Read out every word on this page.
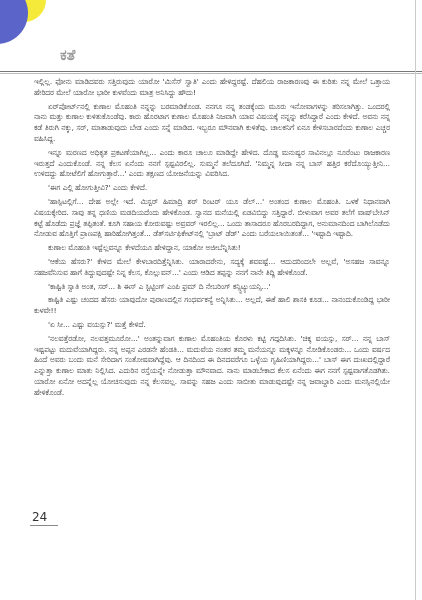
ಕತೆ

ಇಲ್ಲಿಲ್ಲ. ಫೋನು ಮಾಡಿದವರು ಸತ್ತಿರುವುದು ಯಾರೋ 'ಮಿಸೆಸ್ ಸ್ವಾತಿ' ಎಂದು ಹೇಳಿದ್ದರಷ್ಟೆ. ದೆಹಲಿಯ ರಾಜಕಾರಣವು ಈ ಕುರಿತು ನನ್ನ ಮೇಲೆ ಒತ್ತಾಯ ಹೇರಿದರ ಮೇಲೆ ಯಾರೋ ಭಾರೀ ಕುಳವೆಂದು ಮಾತ್ರ ಅನಿಸಿದ್ದು ಹೌದು!

ಏರ್‌ಪೋರ್ಟ್‌ನಲ್ಲಿ ಕುಣಾಲ ಮೊಹಂತಿ ನನ್ನನ್ನು ಬರಮಾಡಿಕೊಂಡ. ನನಗೂ ನನ್ನ ತಂಡಕ್ಕೆಂದು ಮೂರು ಇನೋವಾಗಳನ್ನು ತರಿಸಲಾಗಿತ್ತು. ಒಂದರಲ್ಲಿ ನಾನು ಮತ್ತು ಕುಣಾಲ ಕುಳಿತುಕೊಂಡೆವು. ಕಾರು ಹೊರಟಾಗ ಕುಣಾಲ ಮೊಹಂತಿ ನಿಜವಾಗಿ ಯಾವ ವಿಷಯಕ್ಕೆ ನನ್ನನ್ನು ಕರೆಸಿದ್ದಾರೆ ಎಂದು ಕೇಳಿದೆ. ಅವನು ನನ್ನ ಕಡೆ ತಿರುಗಿ ನಕ್ಕು, ಸರ್, ಮಾತಾಡುವುದು ಬೇಡ ಎಂದು ಸನ್ನೆ ಮಾಡಿದ. ಇಬ್ಬರೂ ಮೌನವಾಗಿ ಕುಳಿತೆವು. ಚಾಲಕನಿಗೆ ಏನೂ ಕೇಳಿಸಬಾರದೆಂದು ಕುಣಾಲ ಎಚ್ಚರ ವಹಿಸಿದ್ದ.

ಇನ್ನೂ ಮರಣದ ಅಧಿಕೃತ ಪ್ರಕಟಣೆಯಾಗಿಲ್ಲ... ಎಂದು ಕಾರೂ ಚಾಲೂ ಮಾಡಿದ್ದೇ ಹೇಳಿದ. ದೊಡ್ಡ ಮನುಷ್ಯರ ಸಾವಿನಲ್ಲೂ ನೂರೆಂಟು ರಾಜಕಾರಣ ಇರುತ್ತದೆ ಎಂದುಕೊಂಡೆ. ನನ್ನ ಕೆಲಸ ಏನೆಂದು ನನಗೆ ಸ್ಪಷ್ಟವಿರಲಿಲ್ಲ. ಸುಮ್ಮನೆ ತಲೆದೂಗಿದೆ. 'ನಿಮ್ಮನ್ನ ಸೀದಾ ನನ್ನ ಬಾಸ್ ಹತ್ತಿರ ಕರೆದೊಯ್ಯುತ್ತೀನಿ... ಉಳಿದದ್ದು ಹೋಟೆಲಿಗೆ ಹೋಗುತ್ತಾರೆ...' ಎಂದು ತಕ್ಷಣದ ಯೋಜನೆಯನ್ನು ವಿವರಿಸಿದ.

'ಈಗ ಎಲ್ಲಿ ಹೋಗುತ್ತೀವಿ?' ಎಂದು ಕೇಳಿದೆ.

'ಹಾಸ್ಪಿಟಲ್ಲಿಗೆ... ದೇಹ ಅಲ್ಲೇ ಇದೆ. ಮಿಸ್ಟರ್ ಹಿಮಾದ್ರಿ ಶರ್ ರಿಂಟರ್ ಯೂ ಡೆಲ್...' ಅಂತಂದ ಕುಣಾಲ ಮೊಹಂತಿ. ಒಳಕೆ ನಿಧಾನವಾಗಿ ವಿಷಯಕ್ಕೇರಿದ. ಸಾವು ತನ್ನ ಧಣಿಯ ಮಡದಿಯದೆಂದು ಹೇಳಿಕೊಂಡ. ಸ್ವಾನದ ಮನೆಯಲ್ಲಿ ಏಡವಿಬಿದ್ದು ಸತ್ತಿದ್ದಾರೆ. ಬೀಳುವಾಗ ಅವರ ತಲೆಗೆ ವಾಷ್‌ಬೇಸಿನ್ ಕಟ್ಟೆ ಹೊಡೆದು ಪ್ರಜ್ಞೆ ತಪ್ಪಿತಂತೆ. ಕೂಗಿ ಸಹಾಯ ಕೋರುವಷ್ಟು ಅವ್ರವರ್ ಇರಲಿಲ್ಲ... ಒಂದು ತಾಸಾದರೂ ಹೊರಬರದಿದ್ದಾಗ, ಅನುಮಾನದಿಂದ ಬಾಗಿಲೊಡೆದು ನೋಡುವ ಹೊತ್ತಿಗೆ ಪ್ರಾಣಪಕ್ಷಿ ಹಾರಿಹೋಗಿತ್ತಂತೆ... ಡೆತ್‌ಸರ್ಟಿಫಿಕೇಟ್‌ನಲ್ಲಿ 'ಬ್ರಾಟ್ ಡೆಡ್' ಎಂದು ಬರೆಯಲಾಯಿತಂತೆ... 'ಇಷ್ಟಾದಿ ಇಷ್ಟಾದಿ.

ಕುಣಾಲ ಮೊಹಂತಿ ಇಷ್ಟೆಲ್ಲವನ್ನೂ ಕೇಳದೆಯೂ ಹೇಳಿದ್ದಾನ, ಯಾಕೋ ಅಜೀಬೆನ್ನಿಸಿತು!

'ಆಕೆಯ ಹೆಸರು?' ಕೇಳಿದ ಮೇಲೆ ಕೇಳಬಾರದಿತ್ತೆನ್ನಿಸಿತು. ಯಾರಾದರೇನು, ಸದ್ಯಕ್ಕೆ ಶವವಷ್ಟೆ... ಆದುದರಿಂದಲೇ ಅಲ್ಲವೆ, 'ಅಸಹಜ ಸಾವನ್ನೂ ಸಹಜವೆನಿಸುವ ಹಾಗೆ ತಿದ್ದುವುದಷ್ಟೇ ನಿನ್ನ ಕೆಲಸ, ಕೊಲ್ಲುವನ್...' ಎಂದು ಆಡಿದ ತಪ್ಪನ್ನು ನನಗೆ ನಾನೇ ತಿದ್ದಿ ಹೇಳಿಕೊಂಡೆ.

'ಕಾಷ್ಟಿತಿ ಸ್ವಾತಿ ಅಂತ, ಸರ್... ಶಿ ಈಸ್ ಎ ಸ್ಟಿಟ್ಟಿಂಗ್ ಎಂಪಿ ಫ್ರಮ್ ದಿ ನೇಬರಿಂಗ್ ಕನ್ಸ್ಟಿಟ್ಯುಯನ್ಸಿ...'

ಕಾಷ್ಟಿತಿ ಎಷ್ಟು ಚಂದದ ಹೆಸರು ಯಾವುದೋ ಪುರಾಣದಲ್ಲಿನ ಗಂಧರ್ವಕನ್ಯೆ ಅನ್ನಿಸಿತು... ಅಲ್ಲದೆ, ಈಕೆ ಹಾಲಿ ಶಾಸಕಿ ಕೂಡ... ನಾನಂದುಕೊಂಡಿದ್ದ ಭಾರೀ ಕುಳವೇ!!

'ಏ ಸೀ... ಎಷ್ಟು ವಯಸ್ಸು?' ಮತ್ತೆ ಕೇಳಿದೆ.

'ನಲವತ್ತೆರಡೋ, ನಲವತ್ತಮೂರೋ...' ಅಂತನ್ನುವಾಗ ಕುಣಾಲ ಮೊಹಂತಿಯ ಕೊರಳು ಕಟ್ಟಿ ಗದ್ಗದಿಸಿತು. 'ಚಿಕ್ಕ ವಯಸ್ಸು, ಸರ್... ನನ್ನ ಬಾಸ್ ಇಷ್ಟಪಟ್ಟು ಮದುವೆಯಾಗಿದ್ದರು. ನನ್ನ ಅಪ್ಪನ ಎರಡನೇ ಹೆಂಡತಿ... ಮದುವೆಯ ನಂತರ ತಮ್ಮ ಮನೆಯನ್ನೂ ಮಕ್ಕಳನ್ನೂ ನೋಡಿಕೊಂಡರು... ಒಂದು ವರ್ಷದ ಹಿಂದೆ ಅವರು ಬಂದು ಮನೆ ಸೇರಿದಾಗ ಸಂತೋಷವಾಗಿದ್ದೆವು. ಆ ದಿನದಿಂದ ಈ ದಿನದವರೆಗೂ ಒಳ್ಳೆಯ ಗೃಹಿಣಿಯಾಗಿದ್ದರು...' ಬಾಸ್ ಈಗ ದುಃಖದಲ್ಲಿದ್ದಾರೆ ಎನ್ನುತ್ತಾ ಕುಣಾಲ ಮಾತು ನಿಲ್ಲಿಸಿದ. ಎದುರಿನ ರಸ್ತೆಯನ್ನೇ ನೋಡುತ್ತಾ ಮೌನವಾದ. ನಾನು ಮಾಡಬೇಕಾದ ಕೆಲಸ ಏನೆಂದು ಈಗ ನನಗೆ ಸ್ಪಷ್ಟವಾಗತೊಡಗಿತು. ಯಾರೋ ಏನೋ ಅದನ್ನೆಲ್ಲ ಯೋಚಿಸುವುದು ನನ್ನ ಕೆಲಸವಲ್ಲ. ಸಾವನ್ನು ಸಹಜ ಎಂದು ಸಾಬೀತು ಮಾಡುವುದಷ್ಟೇ ನನ್ನ ಜವಾಬ್ದಾರಿ ಎಂದು ಮನಸ್ಸಿನಲ್ಲಿಯೇ ಹೇಳಿಕೊಂಡೆ.

24
